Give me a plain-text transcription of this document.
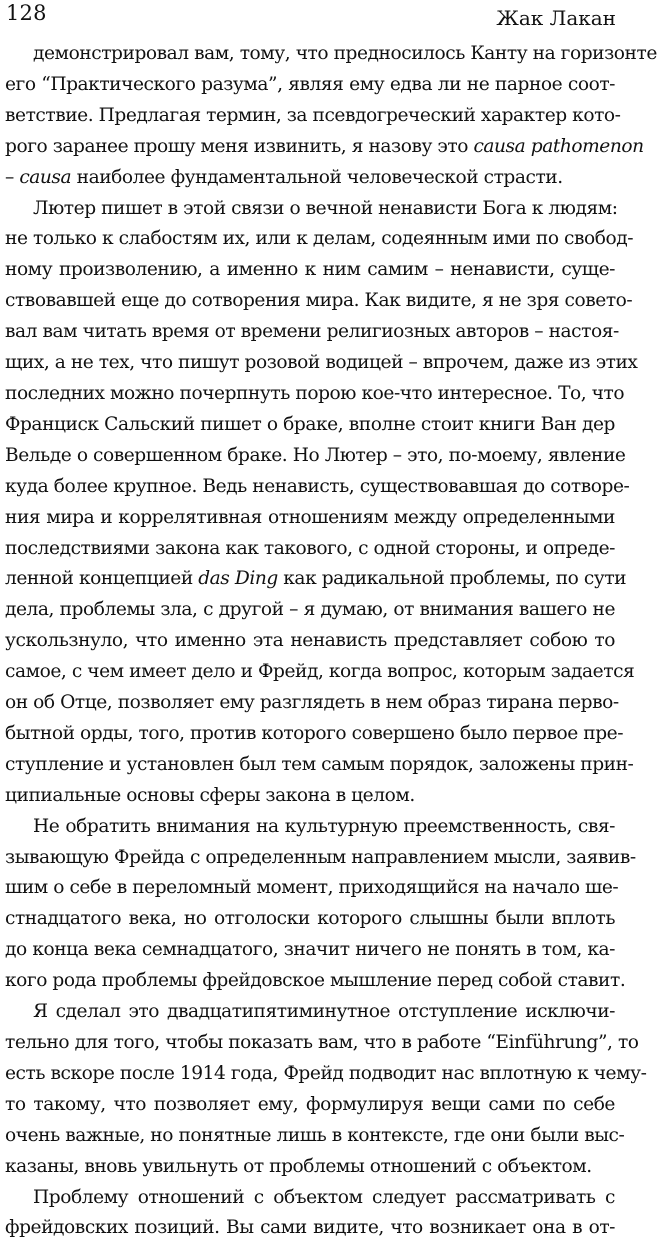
128	Жак Лакан
демонстрировал вам, тому, что предносилось Канту на горизонте
его “Практического разума”, являя ему едва ли не парное соот-
ветствие. Предлагая термин, за псевдогреческий характер кото-
рого заранее прошу меня извинить, я назову это causa pathomenon
– causa наиболее фундаментальной человеческой страсти.
Лютер пишет в этой связи о вечной ненависти Бога к людям:
не только к слабостям их, или к делам, содеянным ими по свобод-
ному произволению, а именно к ним самим – ненависти, суще-
ствовавшей еще до сотворения мира. Как видите, я не зря совето-
вал вам читать время от времени религиозных авторов – настоя-
щих, а не тех, что пишут розовой водицей – впрочем, даже из этих
последних можно почерпнуть порою кое-что интересное. То, что
Франциск Сальский пишет о браке, вполне стоит книги Ван дер
Вельде о совершенном браке. Но Лютер – это, по-моему, явление
куда более крупное. Ведь ненависть, существовавшая до сотворе-
ния мира и коррелятивная отношениям между определенными
последствиями закона как такового, с одной стороны, и опреде-
ленной концепцией das Ding как радикальной проблемы, по сути
дела, проблемы зла, с другой – я думаю, от внимания вашего не
ускользнуло, что именно эта ненависть представляет собою то
самое, с чем имеет дело и Фрейд, когда вопрос, которым задается
он об Отце, позволяет ему разглядеть в нем образ тирана перво-
бытной орды, того, против которого совершено было первое пре-
ступление и установлен был тем самым порядок, заложены прин-
ципиальные основы сферы закона в целом.
Не обратить внимания на культурную преемственность, свя-
зывающую Фрейда с определенным направлением мысли, заявив-
шим о себе в переломный момент, приходящийся на начало ше-
стнадцатого века, но отголоски которого слышны были вплоть
до конца века семнадцатого, значит ничего не понять в том, ка-
кого рода проблемы фрейдовское мышление перед собой ставит.
Я сделал это двадцатипятиминутное отступление исключи-
тельно для того, чтобы показать вам, что в работе “Einführung”, то
есть вскоре после 1914 года, Фрейд подводит нас вплотную к чему-
то такому, что позволяет ему, формулируя вещи сами по себе
очень важные, но понятные лишь в контексте, где они были выс-
казаны, вновь увильнуть от проблемы отношений с объектом.
Проблему отношений с объектом следует рассматривать с
фрейдовских позиций. Вы сами видите, что возникает она в от-
